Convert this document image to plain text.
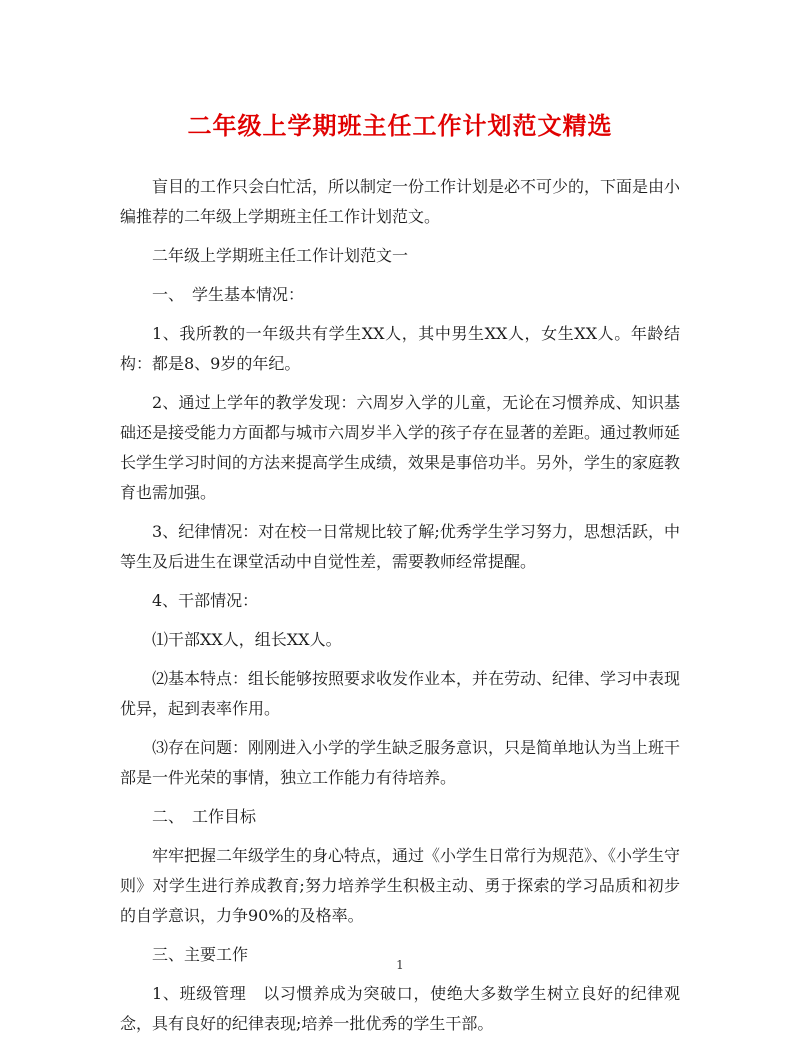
二年级上学期班主任工作计划范文精选

盲目的工作只会白忙活，所以制定一份工作计划是必不可少的，下面是由小编推荐的二年级上学期班主任工作计划范文。

二年级上学期班主任工作计划范文一

一、　学生基本情况：

1、我所教的一年级共有学生XX人，其中男生XX人，女生XX人。年龄结构：都是8、9岁的年纪。

2、通过上学年的教学发现：六周岁入学的儿童，无论在习惯养成、知识基础还是接受能力方面都与城市六周岁半入学的孩子存在显著的差距。通过教师延长学生学习时间的方法来提高学生成绩，效果是事倍功半。另外，学生的家庭教育也需加强。

3、纪律情况：对在校一日常规比较了解;优秀学生学习努力，思想活跃，中等生及后进生在课堂活动中自觉性差，需要教师经常提醒。

4、干部情况：

⑴干部XX人，组长XX人。

⑵基本特点：组长能够按照要求收发作业本，并在劳动、纪律、学习中表现优异，起到表率作用。

⑶存在问题：刚刚进入小学的学生缺乏服务意识，只是简单地认为当上班干部是一件光荣的事情，独立工作能力有待培养。

二、　工作目标

牢牢把握二年级学生的身心特点，通过《小学生日常行为规范》、《小学生守则》对学生进行养成教育;努力培养学生积极主动、勇于探索的学习品质和初步的自学意识，力争90%的及格率。

三、主要工作

1、班级管理　以习惯养成为突破口，使绝大多数学生树立良好的纪律观念，具有良好的纪律表现;培养一批优秀的学生干部。

1
